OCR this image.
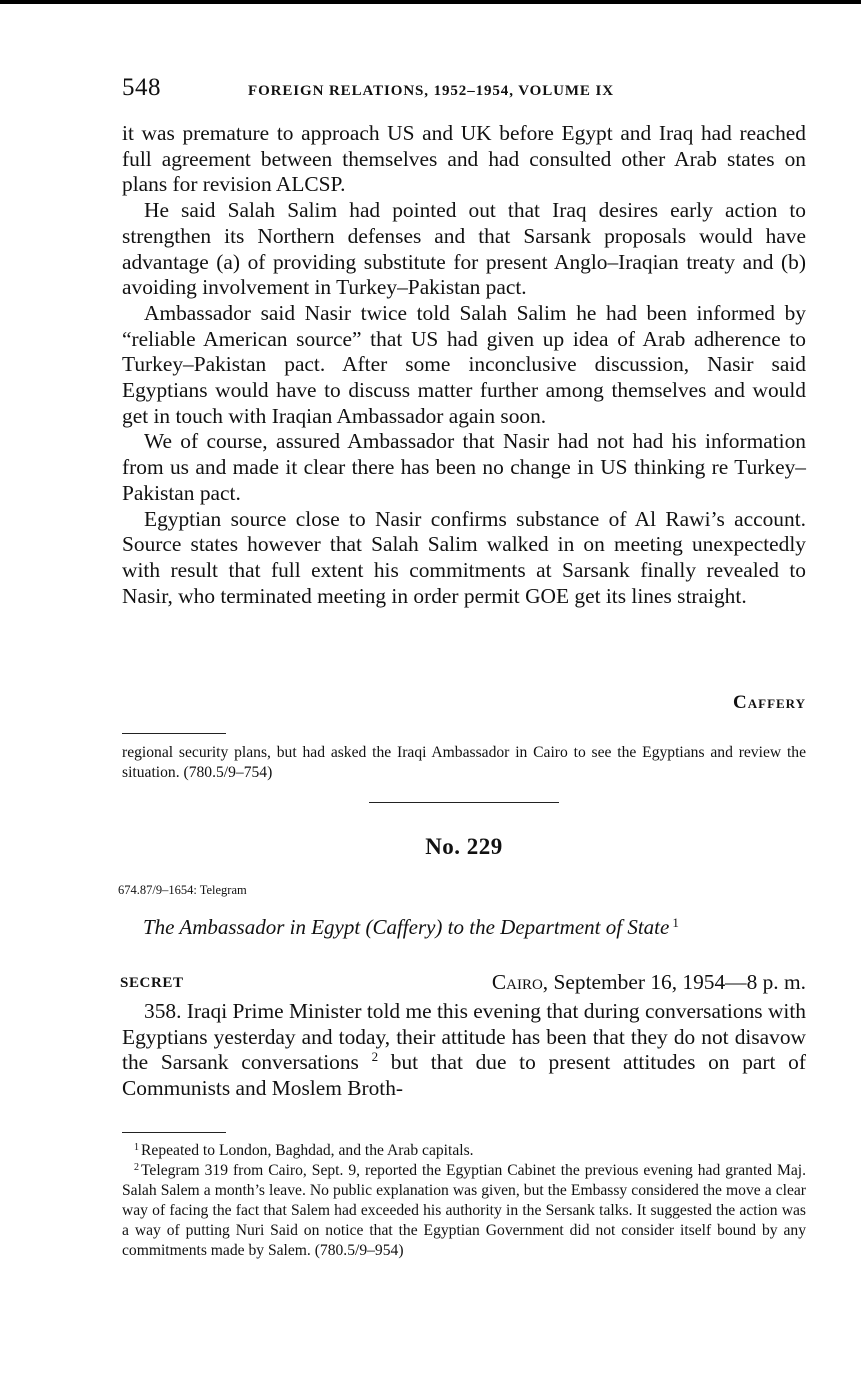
548	FOREIGN RELATIONS, 1952–1954, VOLUME IX

it was premature to approach US and UK before Egypt and Iraq had reached full agreement between themselves and had consulted other Arab states on plans for revision ALCSP.

He said Salah Salim had pointed out that Iraq desires early action to strengthen its Northern defenses and that Sarsank proposals would have advantage (a) of providing substitute for present Anglo–Iraqian treaty and (b) avoiding involvement in Turkey–Pakistan pact.

Ambassador said Nasir twice told Salah Salim he had been informed by “reliable American source” that US had given up idea of Arab adherence to Turkey–Pakistan pact. After some inconclusive discussion, Nasir said Egyptians would have to discuss matter further among themselves and would get in touch with Iraqian Ambassador again soon.

We of course, assured Ambassador that Nasir had not had his information from us and made it clear there has been no change in US thinking re Turkey–Pakistan pact.

Egyptian source close to Nasir confirms substance of Al Rawi’s account. Source states however that Salah Salim walked in on meeting unexpectedly with result that full extent his commitments at Sarsank finally revealed to Nasir, who terminated meeting in order permit GOE get its lines straight.

Caffery

regional security plans, but had asked the Iraqi Ambassador in Cairo to see the Egyptians and review the situation. (780.5/9–754)

No. 229
674.87/9–1654: Telegram
The Ambassador in Egypt (Caffery) to the Department of State $^1$
SECRET	Cairo, September 16, 1954—8 p. m.

358. Iraqi Prime Minister told me this evening that during conversations with Egyptians yesterday and today, their attitude has been that they do not disavow the Sarsank conversations $^2$ but that due to present attitudes on part of Communists and Moslem Broth-

$^1$ Repeated to London, Baghdad, and the Arab capitals.

$^2$ Telegram 319 from Cairo, Sept. 9, reported the Egyptian Cabinet the previous evening had granted Maj. Salah Salem a month’s leave. No public explanation was given, but the Embassy considered the move a clear way of facing the fact that Salem had exceeded his authority in the Sersank talks. It suggested the action was a way of putting Nuri Said on notice that the Egyptian Government did not consider itself bound by any commitments made by Salem. (780.5/9–954)
